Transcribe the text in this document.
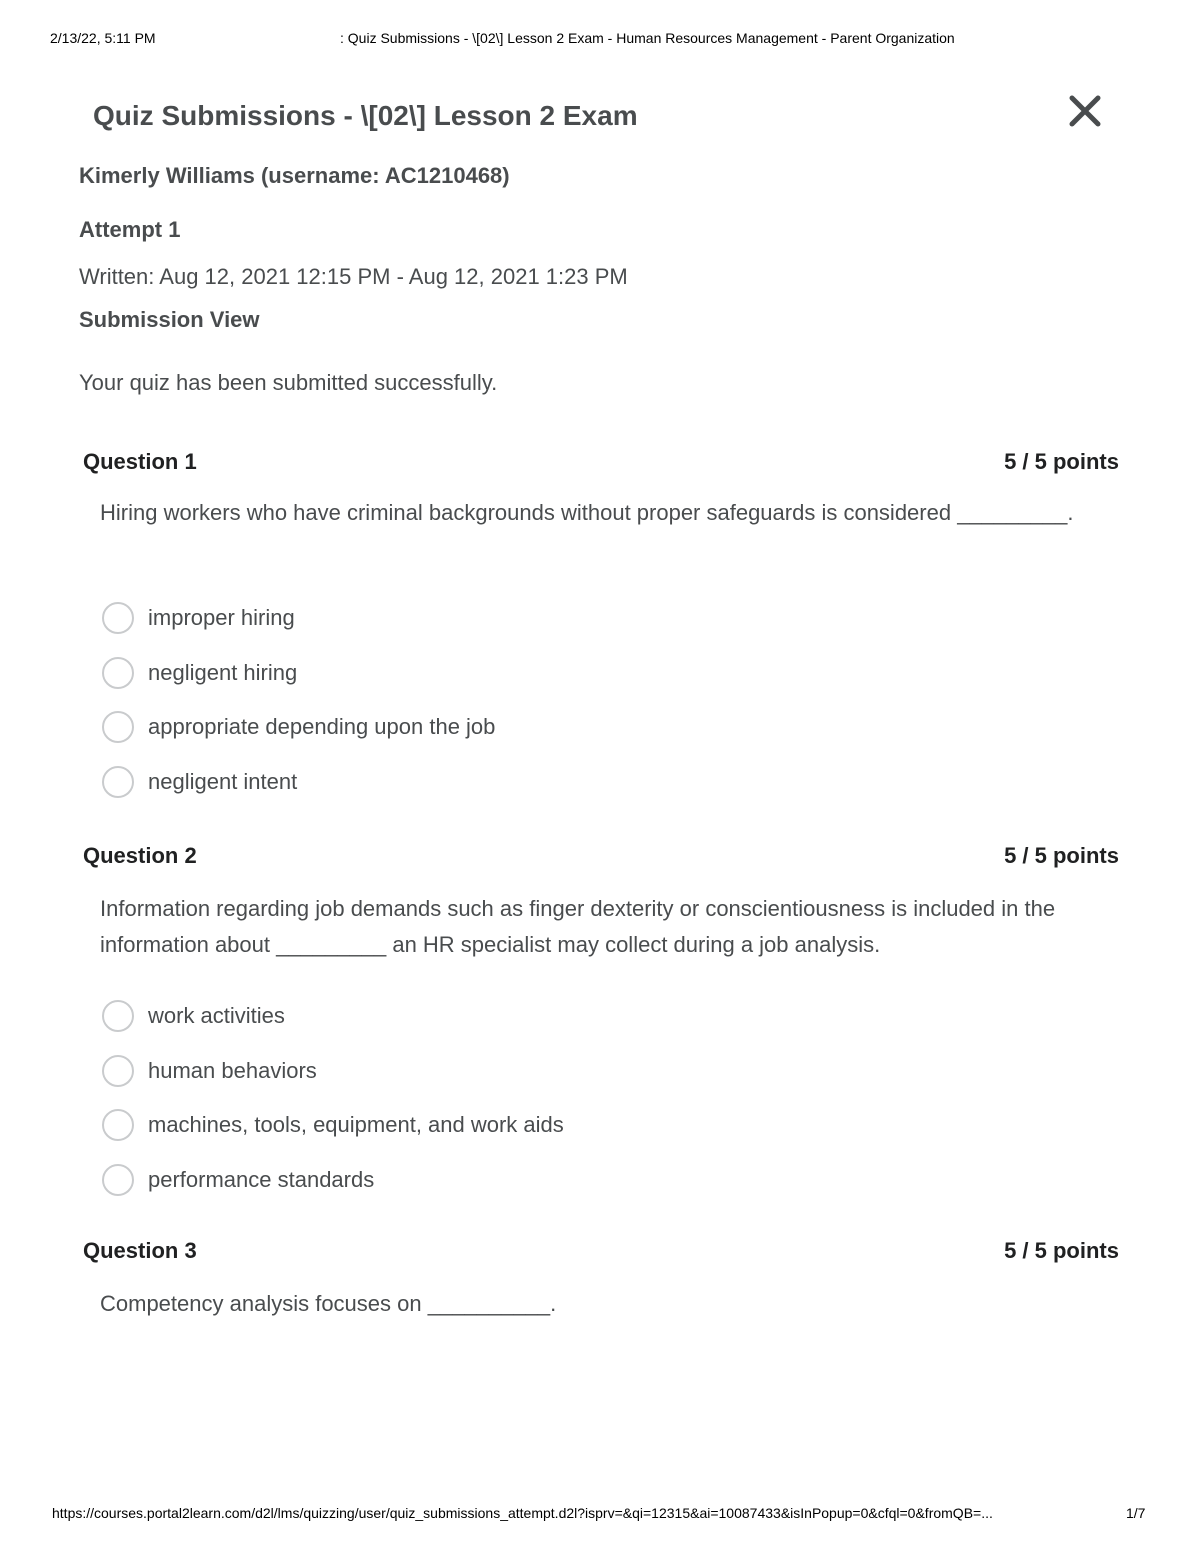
2/13/22, 5:11 PM	: Quiz Submissions - \[02\] Lesson 2 Exam - Human Resources Management - Parent Organization
Quiz Submissions - \[02\] Lesson 2 Exam
Kimerly Williams (username: AC1210468)
Attempt 1
Written: Aug 12, 2021 12:15 PM - Aug 12, 2021 1:23 PM
Submission View
Your quiz has been submitted successfully.
Question 1	5 / 5 points
Hiring workers who have criminal backgrounds without proper safeguards is considered _________.
improper hiring
negligent hiring
appropriate depending upon the job
negligent intent
Question 2	5 / 5 points
Information regarding job demands such as finger dexterity or conscientiousness is included in the information about _________ an HR specialist may collect during a job analysis.
work activities
human behaviors
machines, tools, equipment, and work aids
performance standards
Question 3	5 / 5 points
Competency analysis focuses on __________.
https://courses.portal2learn.com/d2l/lms/quizzing/user/quiz_submissions_attempt.d2l?isprv=&qi=12315&ai=10087433&isInPopup=0&cfql=0&fromQB=...	1/7
